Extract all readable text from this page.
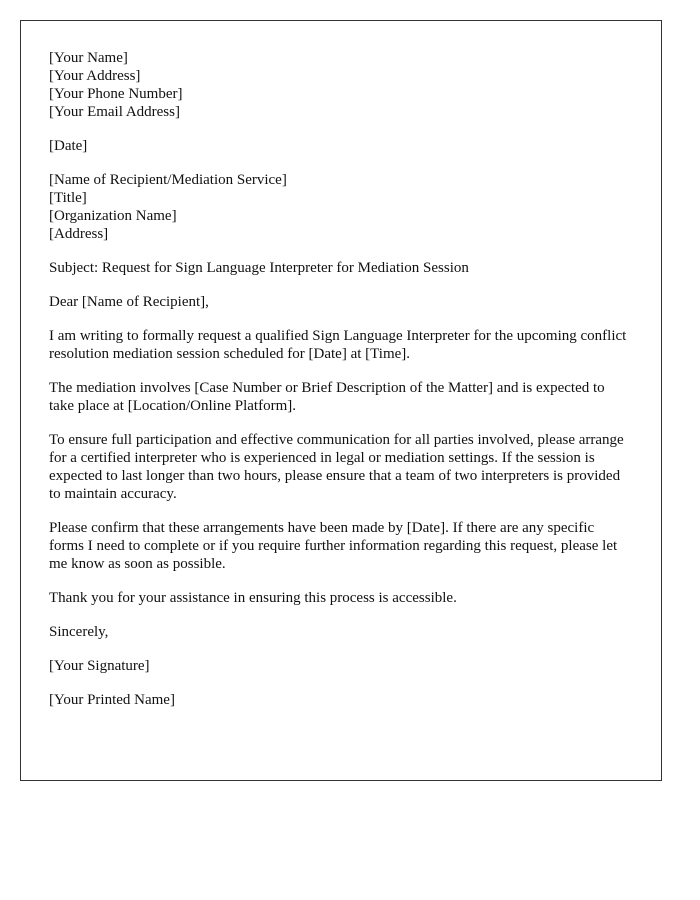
[Your Name]
[Your Address]
[Your Phone Number]
[Your Email Address]

[Date]

[Name of Recipient/Mediation Service]
[Title]
[Organization Name]
[Address]

Subject: Request for Sign Language Interpreter for Mediation Session

Dear [Name of Recipient],

I am writing to formally request a qualified Sign Language Interpreter for the upcoming conflict resolution mediation session scheduled for [Date] at [Time].

The mediation involves [Case Number or Brief Description of the Matter] and is expected to take place at [Location/Online Platform].

To ensure full participation and effective communication for all parties involved, please arrange for a certified interpreter who is experienced in legal or mediation settings. If the session is expected to last longer than two hours, please ensure that a team of two interpreters is provided to maintain accuracy.

Please confirm that these arrangements have been made by [Date]. If there are any specific forms I need to complete or if you require further information regarding this request, please let me know as soon as possible.

Thank you for your assistance in ensuring this process is accessible.

Sincerely,

[Your Signature]

[Your Printed Name]
